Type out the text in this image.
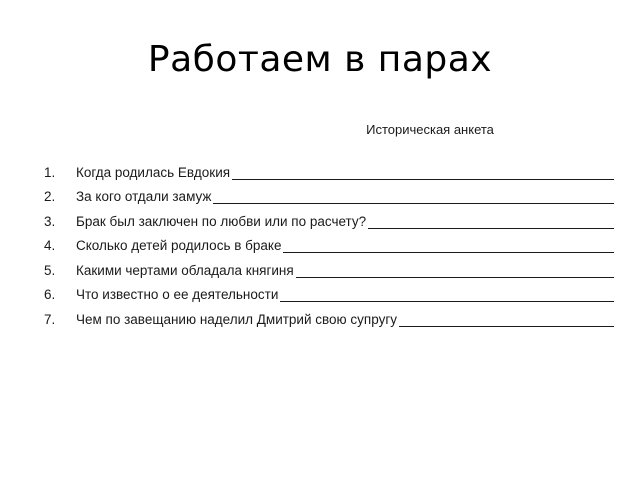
Работаем в парах
Историческая анкета
1.	Когда родилась Евдокия
2.	За кого отдали замуж
3.	Брак был заключен по любви или по расчету?
4.	Сколько детей родилось в браке
5.	Какими чертами обладала княгиня
6.	Что известно о ее деятельности
7.	Чем по завещанию наделил Дмитрий свою супругу
